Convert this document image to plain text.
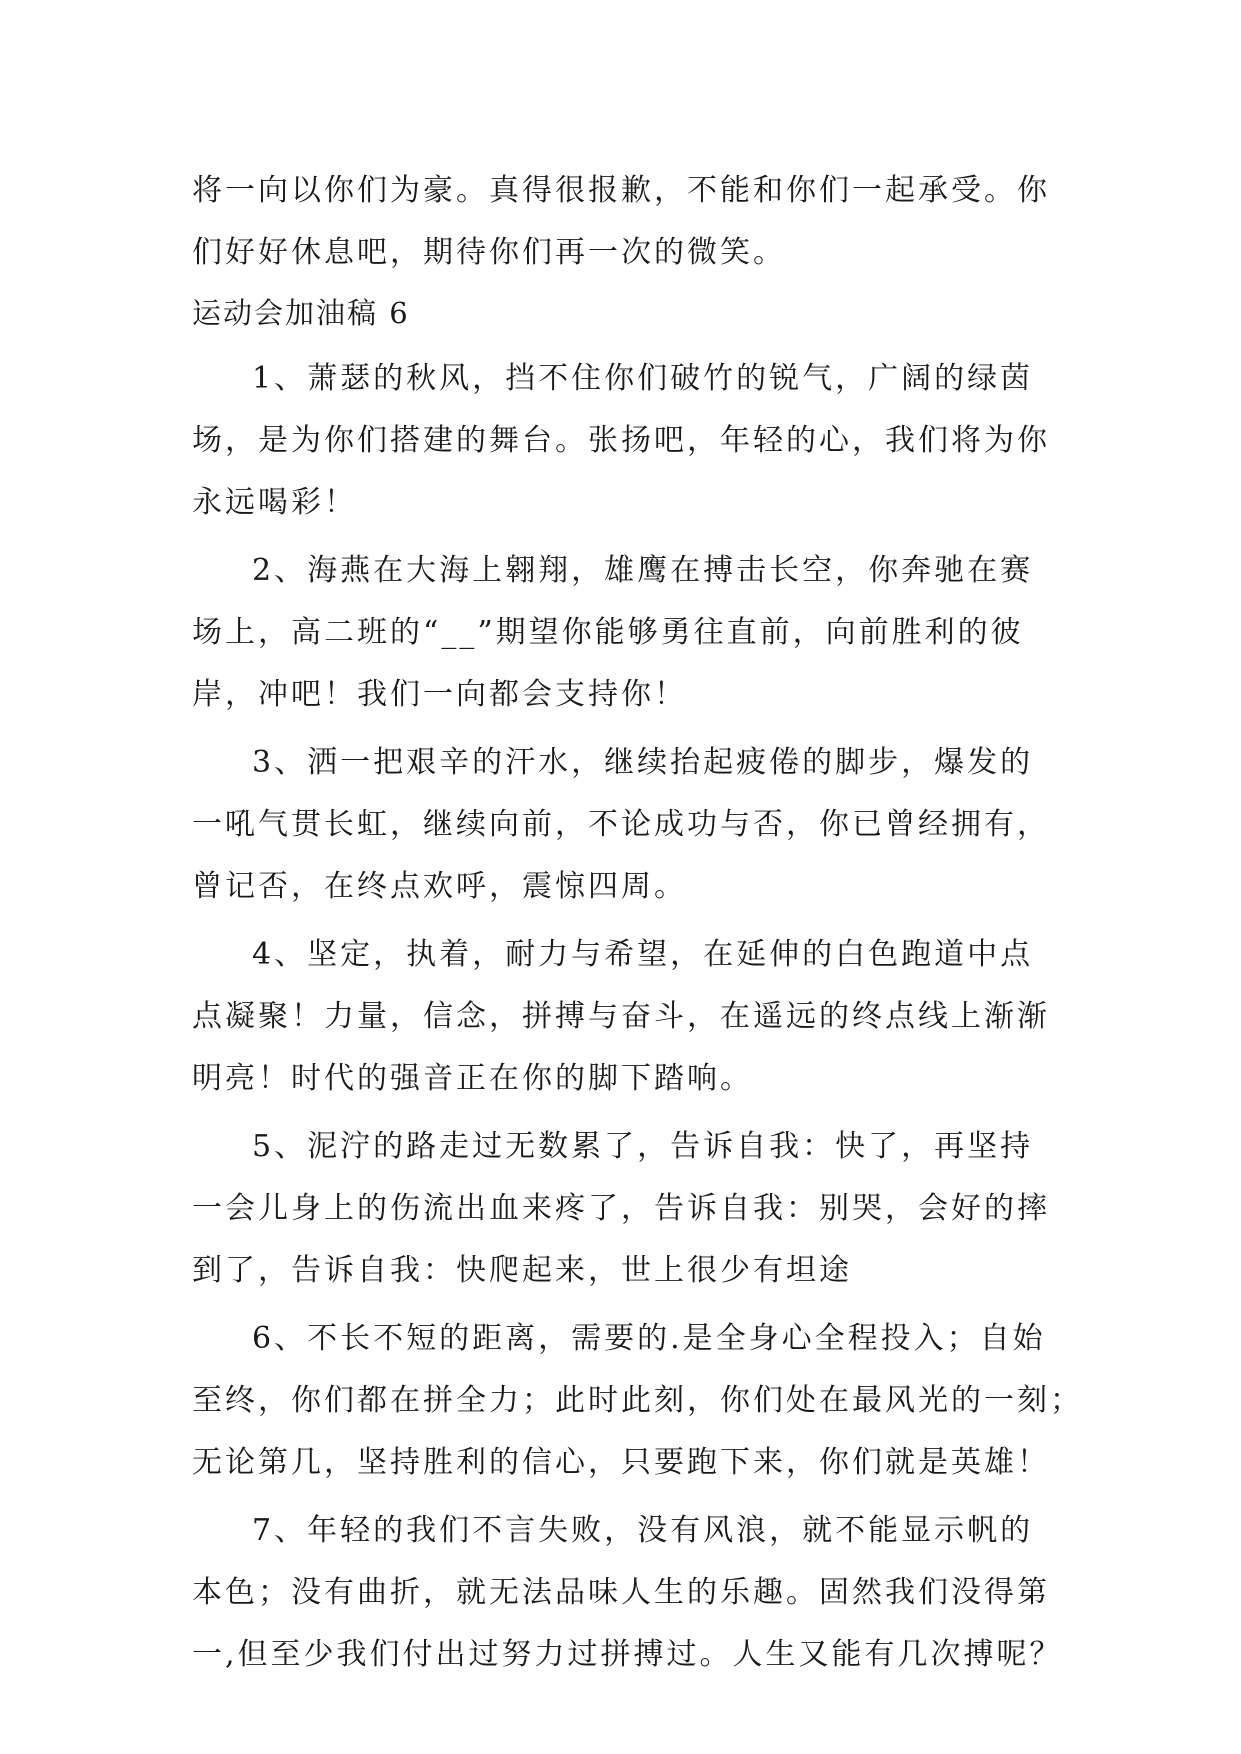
将一向以你们为豪。真得很报歉，不能和你们一起承受。你
们好好休息吧，期待你们再一次的微笑。
运动会加油稿 6
1、萧瑟的秋风，挡不住你们破竹的锐气，广阔的绿茵
场，是为你们搭建的舞台。张扬吧，年轻的心，我们将为你
永远喝彩！
2、海燕在大海上翱翔，雄鹰在搏击长空，你奔驰在赛
场上，高二班的“__”期望你能够勇往直前，向前胜利的彼
岸，冲吧！我们一向都会支持你！
3、洒一把艰辛的汗水，继续抬起疲倦的脚步，爆发的
一吼气贯长虹，继续向前，不论成功与否，你已曾经拥有，
曾记否，在终点欢呼，震惊四周。
4、坚定，执着，耐力与希望，在延伸的白色跑道中点
点凝聚！力量，信念，拼搏与奋斗，在遥远的终点线上渐渐
明亮！时代的强音正在你的脚下踏响。
5、泥泞的路走过无数累了，告诉自我：快了，再坚持
一会儿身上的伤流出血来疼了，告诉自我：别哭，会好的摔
到了，告诉自我：快爬起来，世上很少有坦途
6、不长不短的距离，需要的.是全身心全程投入；自始
至终，你们都在拼全力；此时此刻，你们处在最风光的一刻；
无论第几，坚持胜利的信心，只要跑下来，你们就是英雄！
7、年轻的我们不言失败，没有风浪，就不能显示帆的
本色；没有曲折，就无法品味人生的乐趣。固然我们没得第
一,但至少我们付出过努力过拼搏过。人生又能有几次搏呢？
